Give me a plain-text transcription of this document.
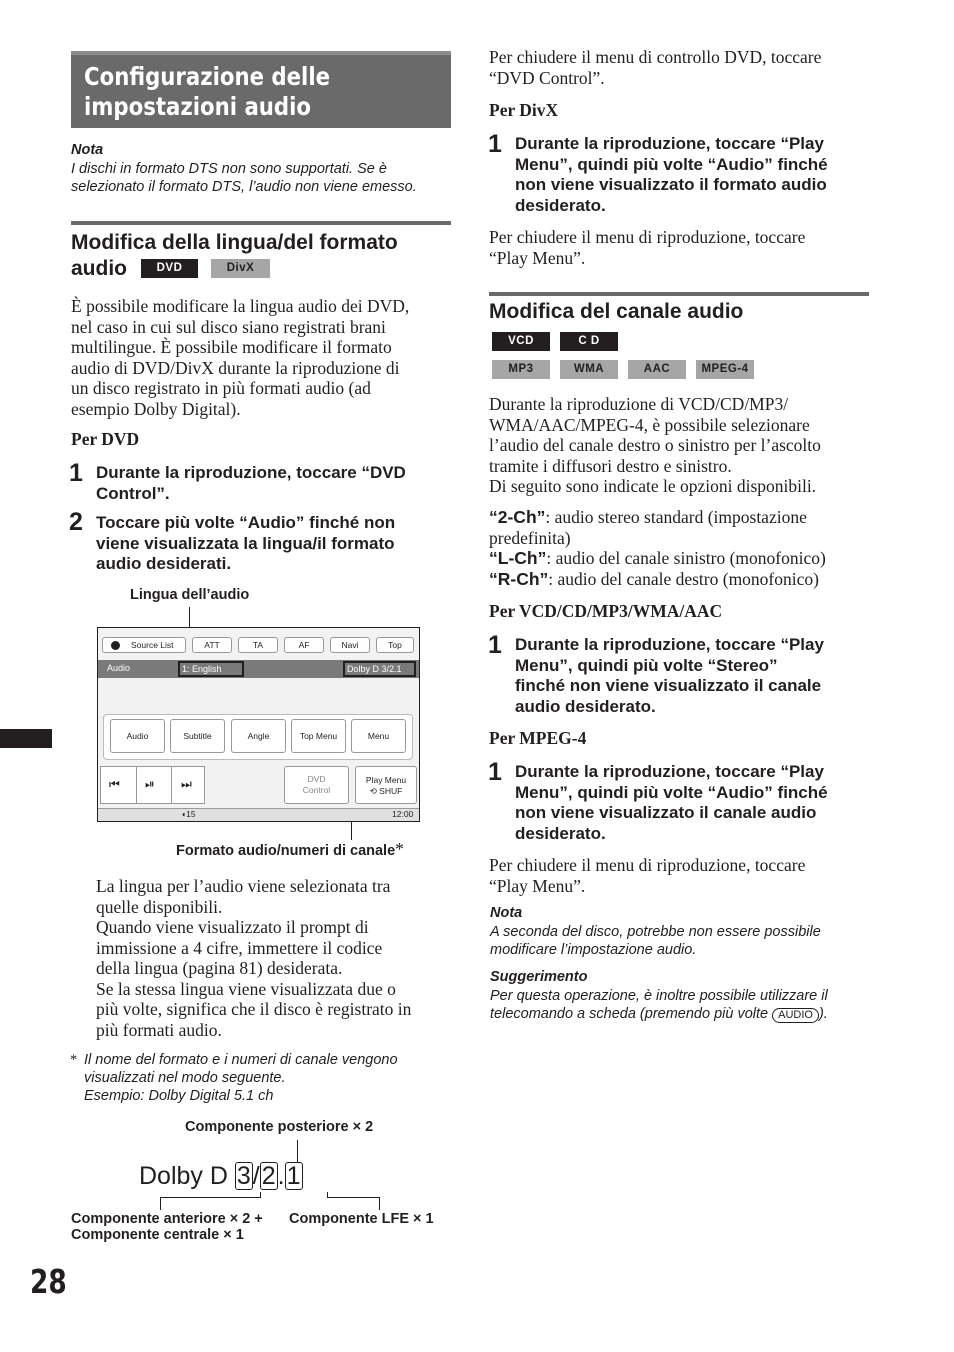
Configurazione delle
impostazioni audio
Nota
I dischi in formato DTS non sono supportati. Se è
selezionato il formato DTS, l’audio non viene emesso.
Modifica della lingua/del formato
audio	DVD	DivX
È possibile modificare la lingua audio dei DVD,
nel caso in cui sul disco siano registrati brani
multilingue. È possibile modificare il formato
audio di DVD/DivX durante la riproduzione di
un disco registrato in più formati audio (ad
esempio Dolby Digital).
Per DVD
1 Durante la riproduzione, toccare “DVD
Control”.
2 Toccare più volte “Audio” finché non
viene visualizzata la lingua/il formato
audio desiderati.
Lingua dell’audio
Source List	ATT	TA	AF	Navi	Top
Audio	1: English	Dolby D 3/2.1
Audio	Subtitle	Angle	Top Menu	Menu
⏮ ⏯ ⏭	DVD
Control
Play Menu
⟲ SHUF
◖15	12:00
Formato audio/numeri di canale*
La lingua per l’audio viene selezionata tra
quelle disponibili.
Quando viene visualizzato il prompt di
immissione a 4 cifre, immettere il codice
della lingua (pagina 81) desiderata.
Se la stessa lingua viene visualizzata due o
più volte, significa che il disco è registrato in
più formati audio.
* Il nome del formato e i numeri di canale vengono
visualizzati nel modo seguente.
Esempio: Dolby Digital 5.1 ch
Componente posteriore × 2
Dolby D 3/2.1
Componente anteriore × 2 +
Componente centrale × 1
Componente LFE × 1
28
Per chiudere il menu di controllo DVD, toccare
“DVD Control”.
Per DivX
1 Durante la riproduzione, toccare “Play
Menu”, quindi più volte “Audio” finché
non viene visualizzato il formato audio
desiderato.
Per chiudere il menu di riproduzione, toccare
“Play Menu”.
Modifica del canale audio
VCD	C D
MP3	WMA	AAC	MPEG-4
Durante la riproduzione di VCD/CD/MP3/
WMA/AAC/MPEG-4, è possibile selezionare
l’audio del canale destro o sinistro per l’ascolto
tramite i diffusori destro e sinistro.
Di seguito sono indicate le opzioni disponibili.
“2-Ch”: audio stereo standard (impostazione
predefinita)
“L-Ch”: audio del canale sinistro (monofonico)
“R-Ch”: audio del canale destro (monofonico)
Per VCD/CD/MP3/WMA/AAC
1 Durante la riproduzione, toccare “Play
Menu”, quindi più volte “Stereo”
finché non viene visualizzato il canale
audio desiderato.
Per MPEG-4
1 Durante la riproduzione, toccare “Play
Menu”, quindi più volte “Audio” finché
non viene visualizzato il canale audio
desiderato.
Per chiudere il menu di riproduzione, toccare
“Play Menu”.
Nota
A seconda del disco, potrebbe non essere possibile
modificare l’impostazione audio.
Suggerimento
Per questa operazione, è inoltre possibile utilizzare il
telecomando a scheda (premendo più volte AUDIO ).
